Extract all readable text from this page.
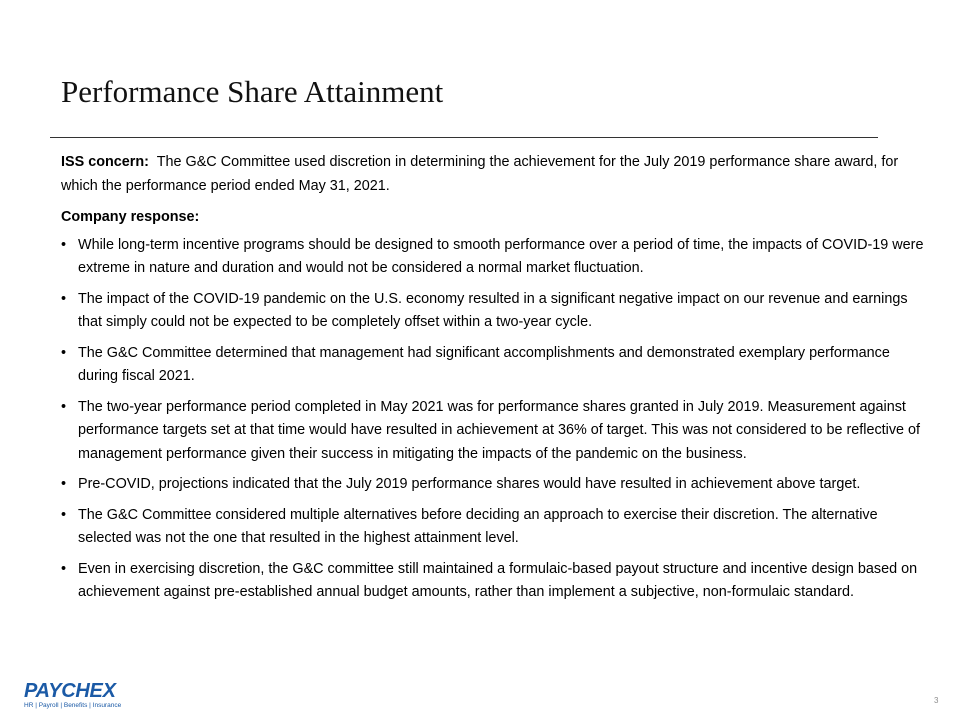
Performance Share Attainment

ISS concern: The G&C Committee used discretion in determining the achievement for the July 2019 performance share award, for which the performance period ended May 31, 2021.

Company response:

• While long-term incentive programs should be designed to smooth performance over a period of time, the impacts of COVID-19 were extreme in nature and duration and would not be considered a normal market fluctuation.
• The impact of the COVID-19 pandemic on the U.S. economy resulted in a significant negative impact on our revenue and earnings that simply could not be expected to be completely offset within a two-year cycle.
• The G&C Committee determined that management had significant accomplishments and demonstrated exemplary performance during fiscal 2021.
• The two-year performance period completed in May 2021 was for performance shares granted in July 2019. Measurement against performance targets set at that time would have resulted in achievement at 36% of target. This was not considered to be reflective of management performance given their success in mitigating the impacts of the pandemic on the business.
• Pre-COVID, projections indicated that the July 2019 performance shares would have resulted in achievement above target.
• The G&C Committee considered multiple alternatives before deciding an approach to exercise their discretion. The alternative selected was not the one that resulted in the highest attainment level.
• Even in exercising discretion, the G&C committee still maintained a formulaic-based payout structure and incentive design based on achievement against pre-established annual budget amounts, rather than implement a subjective, non-formulaic standard.
PAYCHEX
HR | Payroll | Benefits | Insurance
3
